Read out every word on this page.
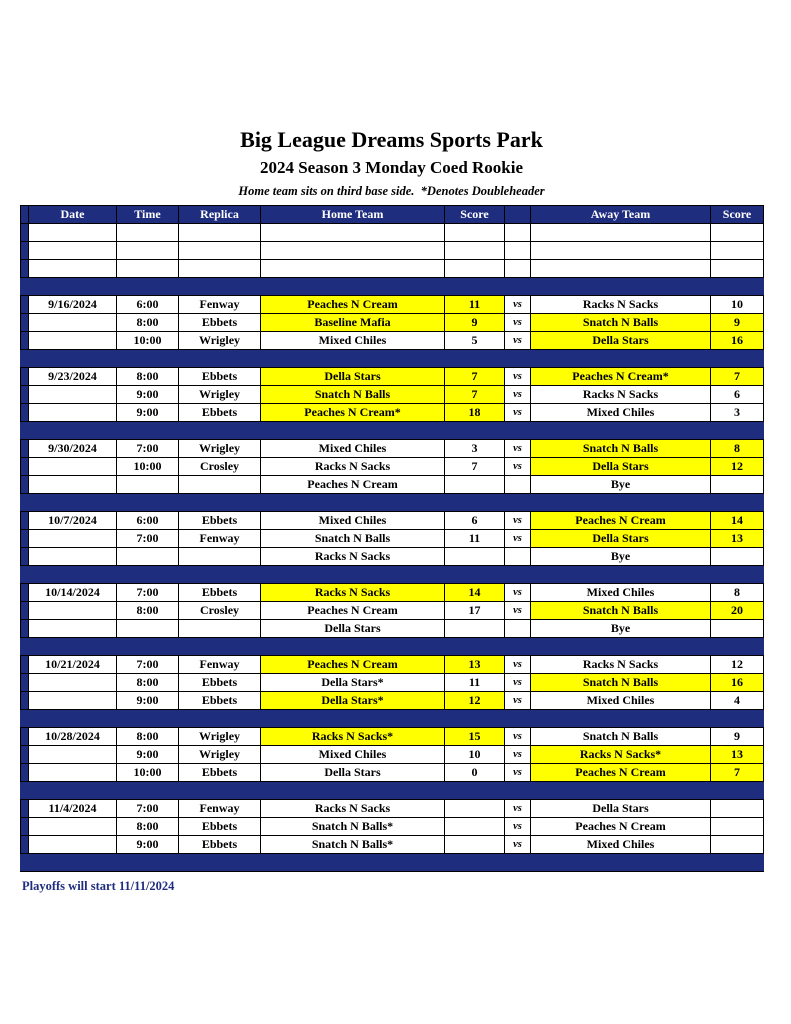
Big League Dreams Sports Park
2024 Season 3 Monday Coed Rookie
Home team sits on third base side.  *Denotes Doubleheader
	Date	Time	Replica	Home Team	Score		Away Team	Score

	9/16/2024	6:00	Fenway	Peaches N Cream	11	vs	Racks N Sacks	10
		8:00	Ebbets	Baseline Mafia	9	vs	Snatch N Balls	9
		10:00	Wrigley	Mixed Chiles	5	vs	Della Stars	16

	9/23/2024	8:00	Ebbets	Della Stars	7	vs	Peaches N Cream*	7
		9:00	Wrigley	Snatch N Balls	7	vs	Racks N Sacks	6
		9:00	Ebbets	Peaches N Cream*	18	vs	Mixed Chiles	3

	9/30/2024	7:00	Wrigley	Mixed Chiles	3	vs	Snatch N Balls	8
		10:00	Crosley	Racks N Sacks	7	vs	Della Stars	12
				Peaches N Cream			Bye	

	10/7/2024	6:00	Ebbets	Mixed Chiles	6	vs	Peaches N Cream	14
		7:00	Fenway	Snatch N Balls	11	vs	Della Stars	13
				Racks N Sacks			Bye	

	10/14/2024	7:00	Ebbets	Racks N Sacks	14	vs	Mixed Chiles	8
		8:00	Crosley	Peaches N Cream	17	vs	Snatch N Balls	20
				Della Stars			Bye	

	10/21/2024	7:00	Fenway	Peaches N Cream	13	vs	Racks N Sacks	12
		8:00	Ebbets	Della Stars*	11	vs	Snatch N Balls	16
		9:00	Ebbets	Della Stars*	12	vs	Mixed Chiles	4

	10/28/2024	8:00	Wrigley	Racks N Sacks*	15	vs	Snatch N Balls	9
		9:00	Wrigley	Mixed Chiles	10	vs	Racks N Sacks*	13
		10:00	Ebbets	Della Stars	0	vs	Peaches N Cream	7

	11/4/2024	7:00	Fenway	Racks N Sacks		vs	Della Stars	
		8:00	Ebbets	Snatch N Balls*		vs	Peaches N Cream	
		9:00	Ebbets	Snatch N Balls*		vs	Mixed Chiles	

Playoffs will start 11/11/2024
